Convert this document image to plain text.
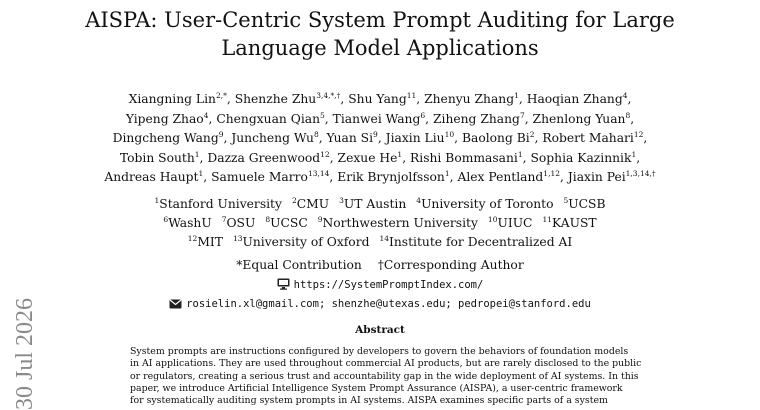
AISPA: User-Centric System Prompt Auditing for Large
Language Model Applications
Xiangning Lin$^{2,*}$, Shenzhe Zhu$^{3,4,*,\dagger}$, Shu Yang$^{11}$, Zhenyu Zhang$^1$, Haoqian Zhang$^4$,
Yipeng Zhao$^4$, Chengxuan Qian$^5$, Tianwei Wang$^6$, Ziheng Zhang$^7$, Zhenlong Yuan$^8$,
Dingcheng Wang$^9$, Juncheng Wu$^8$, Yuan Si$^9$, Jiaxin Liu$^{10}$, Baolong Bi$^2$, Robert Mahari$^{12}$,
Tobin South$^1$, Dazza Greenwood$^{12}$, Zexue He$^1$, Rishi Bommasani$^1$, Sophia Kazinnik$^1$,
Andreas Haupt$^1$, Samuele Marro$^{13,14}$, Erik Brynjolfsson$^1$, Alex Pentland$^{1,12}$, Jiaxin Pei$^{1,3,14,\dagger}$
$^1$Stanford University $^2$CMU $^3$UT Austin $^4$University of Toronto $^5$UCSB
$^6$WashU $^7$OSU $^8$UCSC $^9$Northwestern University $^{10}$UIUC $^{11}$KAUST
$^{12}$MIT $^{13}$University of Oxford $^{14}$Institute for Decentralized AI
*Equal Contribution †Corresponding Author
https://SystemPromptIndex.com/
rosielin.xl@gmail.com; shenzhe@utexas.edu; pedropei@stanford.edu
Abstract
System prompts are instructions configured by developers to govern the behaviors of foundation models
in AI applications. They are used throughout commercial AI products, but are rarely disclosed to the public
or regulators, creating a serious trust and accountability gap in the wide deployment of AI systems. In this
paper, we introduce Artificial Intelligence System Prompt Assurance (AISPA), a user-centric framework
for systematically auditing system prompts in AI systems. AISPA examines specific parts of a system
30 Jul 2026
